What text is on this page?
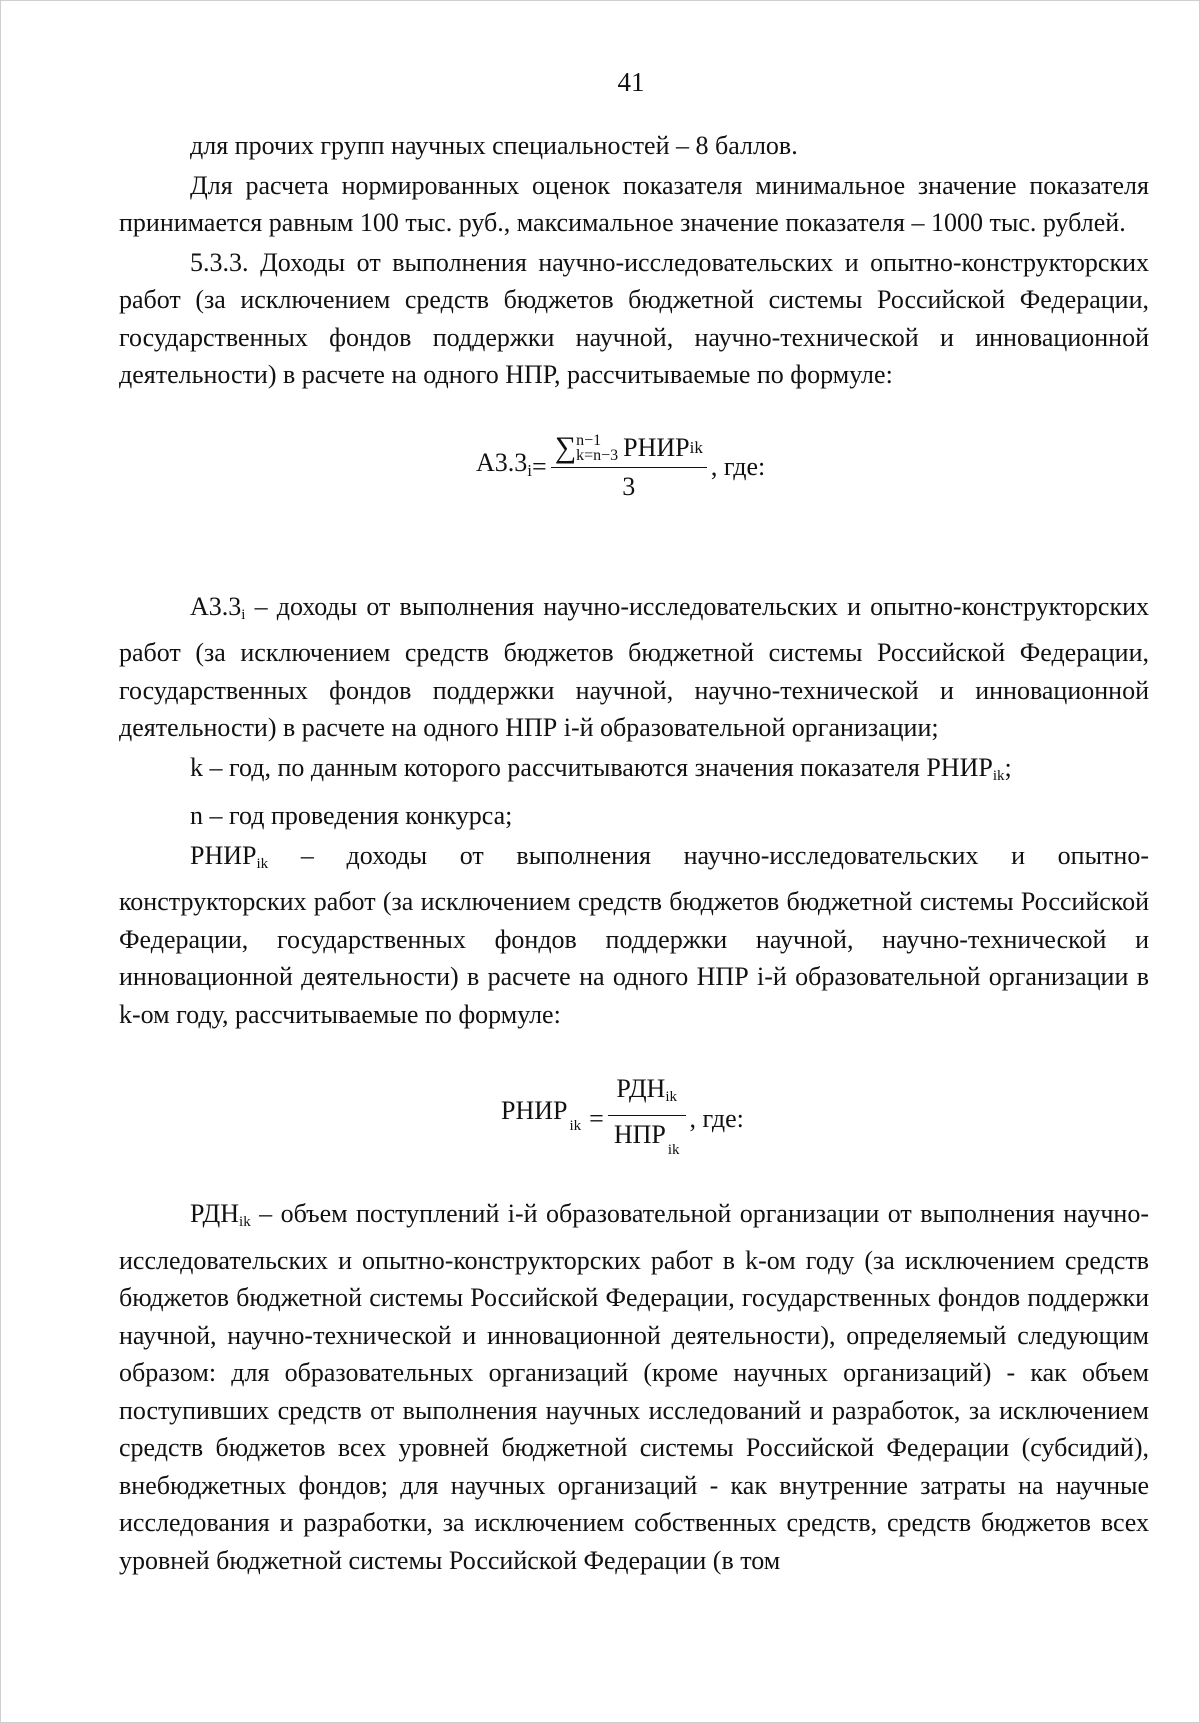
41

для прочих групп научных специальностей – 8 баллов.

Для расчета нормированных оценок показателя минимальное значение показателя принимается равным 100 тыс. руб., максимальное значение показателя – 1000 тыс. рублей.

5.3.3. Доходы от выполнения научно-исследовательских и опытно-конструкторских работ (за исключением средств бюджетов бюджетной системы Российской Федерации, государственных фондов поддержки научной, научно-технической и инновационной деятельности) в расчете на одного НПР, рассчитываемые по формуле:

$А3.3_i$ =
∑ n−1
k=n−3 РНИР ik
3
, где:

А3.3i – доходы от выполнения научно-исследовательских и опытно-конструкторских работ (за исключением средств бюджетов бюджетной системы Российской Федерации, государственных фондов поддержки научной, научно-технической и инновационной деятельности) в расчете на одного НПР i-й образовательной организации;

k – год, по данным которого рассчитываются значения показателя РНИРik;

n – год проведения конкурса;

РНИРik – доходы от выполнения научно-исследовательских и опытно-конструкторских работ (за исключением средств бюджетов бюджетной системы Российской Федерации, государственных фондов поддержки научной, научно-технической и инновационной деятельности) в расчете на одного НПР i-й образовательной организации в k-ом году, рассчитываемые по формуле:

$РНИР_{ik} = \frac{\text{РДНik}}{НПР_{ik}}$ , где:

РДНik – объем поступлений i-й образовательной организации от выполнения научно-исследовательских и опытно-конструкторских работ в k-ом году (за исключением средств бюджетов бюджетной системы Российской Федерации, государственных фондов поддержки научной, научно-технической и инновационной деятельности), определяемый следующим образом: для образовательных организаций (кроме научных организаций) - как объем поступивших средств от выполнения научных исследований и разработок, за исключением средств бюджетов всех уровней бюджетной системы Российской Федерации (субсидий), внебюджетных фондов; для научных организаций - как внутренние затраты на научные исследования и разработки, за исключением собственных средств, средств бюджетов всех уровней бюджетной системы Российской Федерации (в том
